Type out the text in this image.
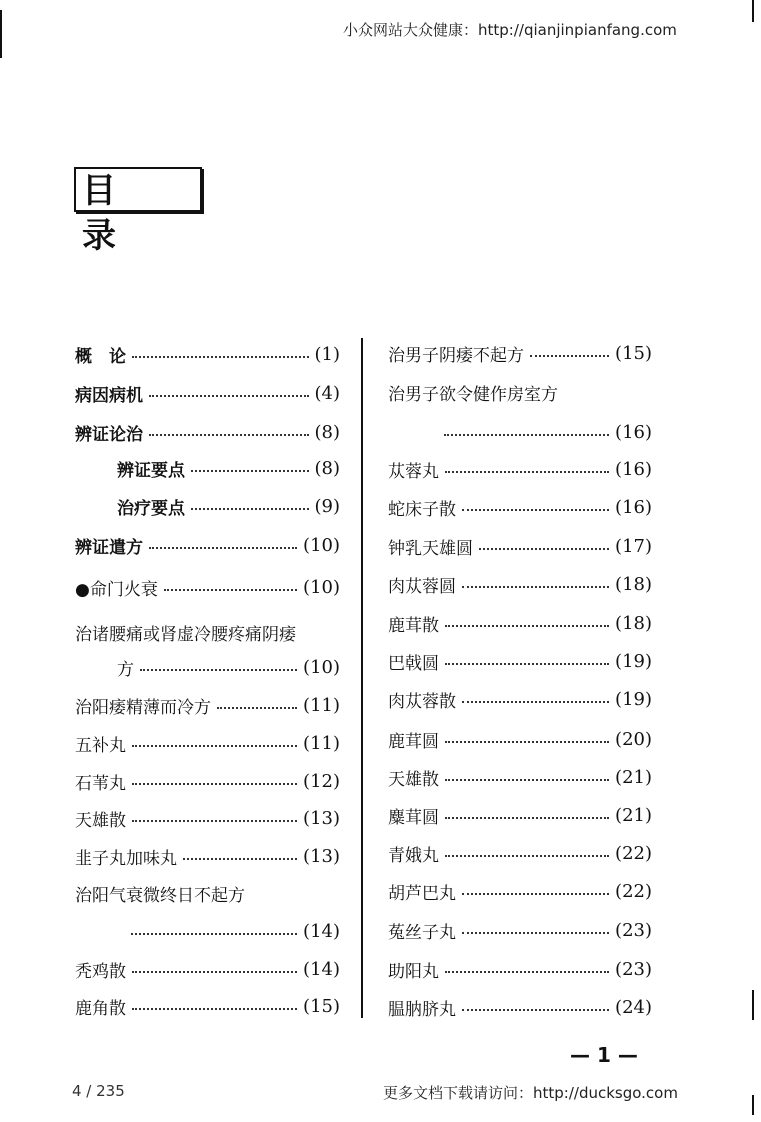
小众网站大众健康：http://qianjinpianfang.com
目录
概　论	(1)
病因病机	(4)
辨证论治	(8)
辨证要点	(8)
治疗要点	(9)
辨证遣方	(10)
●命门火衰	(10)
治诸腰痛或肾虚冷腰疼痛阴痿
方	(10)
治阳痿精薄而冷方	(11)
五补丸	(11)
石苇丸	(12)
天雄散	(13)
韭子丸加味丸	(13)
治阳气衰微终日不起方
(14)
秃鸡散	(14)
鹿角散	(15)
治男子阴痿不起方	(15)
治男子欲令健作房室方
(16)
苁蓉丸	(16)
蛇床子散	(16)
钟乳天雄圆	(17)
肉苁蓉圆	(18)
鹿茸散	(18)
巴戟圆	(19)
肉苁蓉散	(19)
鹿茸圆	(20)
天雄散	(21)
麋茸圆	(21)
青娥丸	(22)
胡芦巴丸	(22)
菟丝子丸	(23)
助阳丸	(23)
腽肭脐丸	(24)
— 1 —
4 / 235	更多文档下载请访问：http://ducksgo.com
